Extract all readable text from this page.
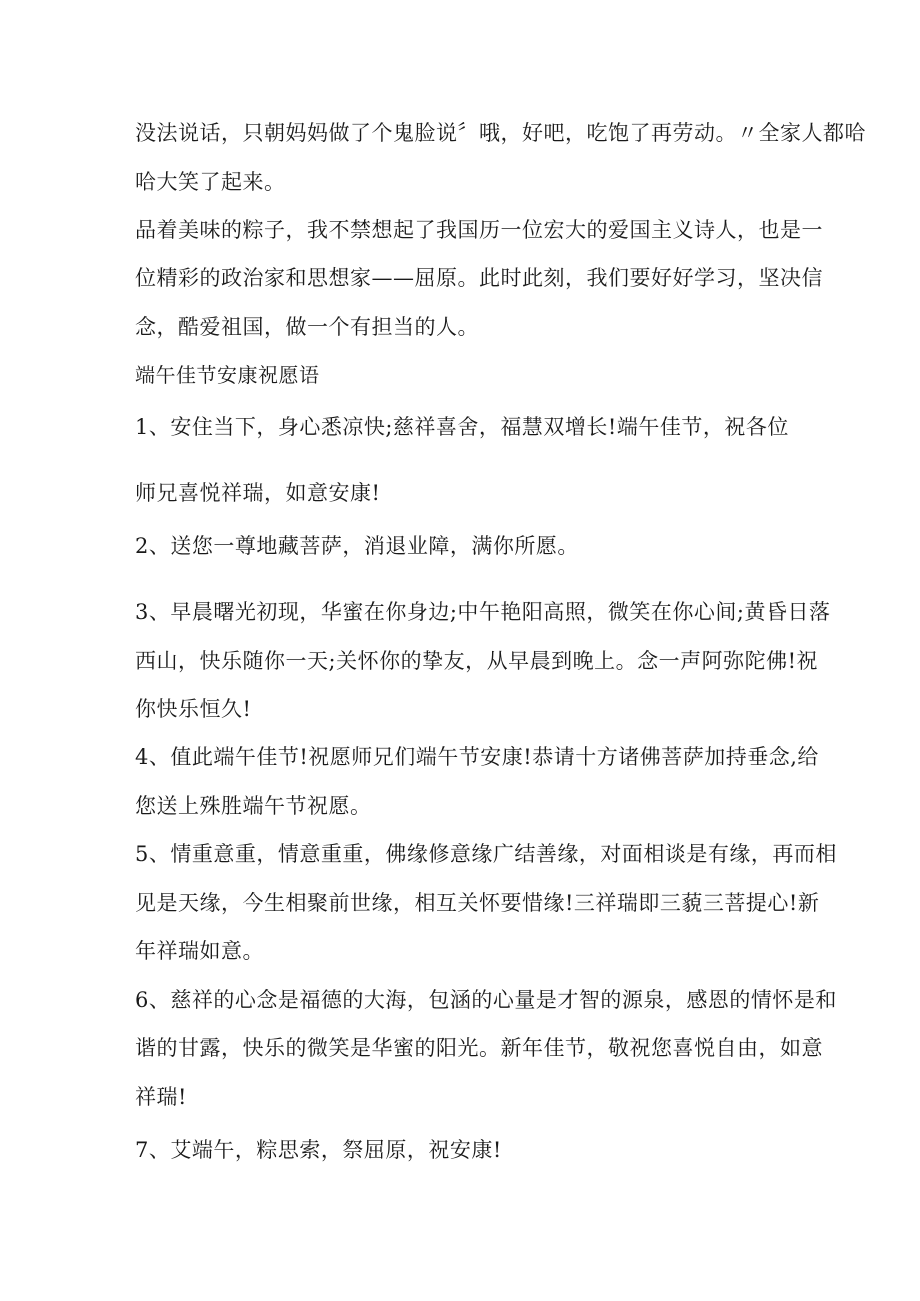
没法说话，只朝妈妈做了个鬼脸说〞哦，好吧，吃饱了再劳动。〃全家人都哈
哈大笑了起来。
品着美味的粽子，我不禁想起了我国历一位宏大的爱国主义诗人，也是一
位精彩的政治家和思想家——屈原。此时此刻，我们要好好学习，坚决信
念，酷爱祖国，做一个有担当的人。
端午佳节安康祝愿语
1、安住当下，身心悉凉快;慈祥喜舍，福慧双增长!端午佳节，祝各位
师兄喜悦祥瑞，如意安康!
2、送您一尊地藏菩萨，消退业障，满你所愿。
3、早晨曙光初现，华蜜在你身边;中午艳阳高照，微笑在你心间;黄昏日落
西山，快乐随你一天;关怀你的挚友，从早晨到晚上。念一声阿弥陀佛!祝
你快乐恒久!
4、值此端午佳节!祝愿师兄们端午节安康!恭请十方诸佛菩萨加持垂念,给
您送上殊胜端午节祝愿。
5、情重意重，情意重重，佛缘修意缘广结善缘，对面相谈是有缘，再而相
见是天缘，今生相聚前世缘，相互关怀要惜缘!三祥瑞即三藐三菩提心!新
年祥瑞如意。
6、慈祥的心念是福德的大海，包涵的心量是才智的源泉，感恩的情怀是和
谐的甘露，快乐的微笑是华蜜的阳光。新年佳节，敬祝您喜悦自由，如意
祥瑞!
7、艾端午，粽思索，祭屈原，祝安康!
